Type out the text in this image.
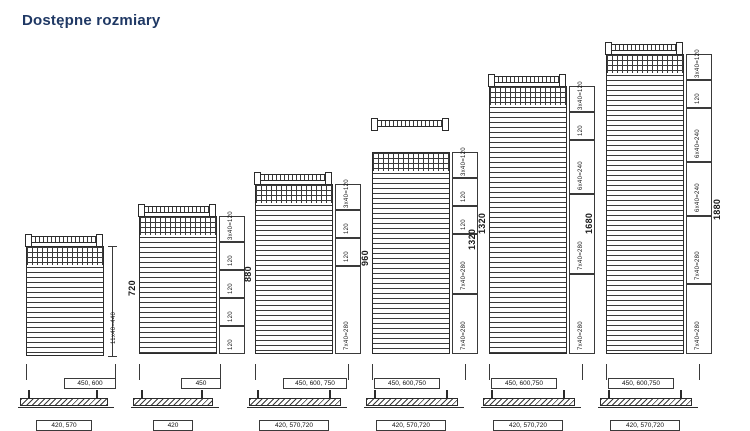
Dostępne rozmiary
11x40=440
450, 600
3x40=120
120
120
120
120
720
450
3x40=120
120
120
7x40=280
880
450, 600, 750
3x40=120
120
120
7x40=280
7x40=280
960
450, 600,750
3x40=120
120
6x40=240
7x40=280
7x40=280
1320
450, 600,750
3x40=120
120
6x40=240
6x40=240
7x40=280
7x40=280
450, 600,750
1320
1680
1880
420, 570	420	420, 570,720	420, 570,720	420, 570,720	420, 570,720
